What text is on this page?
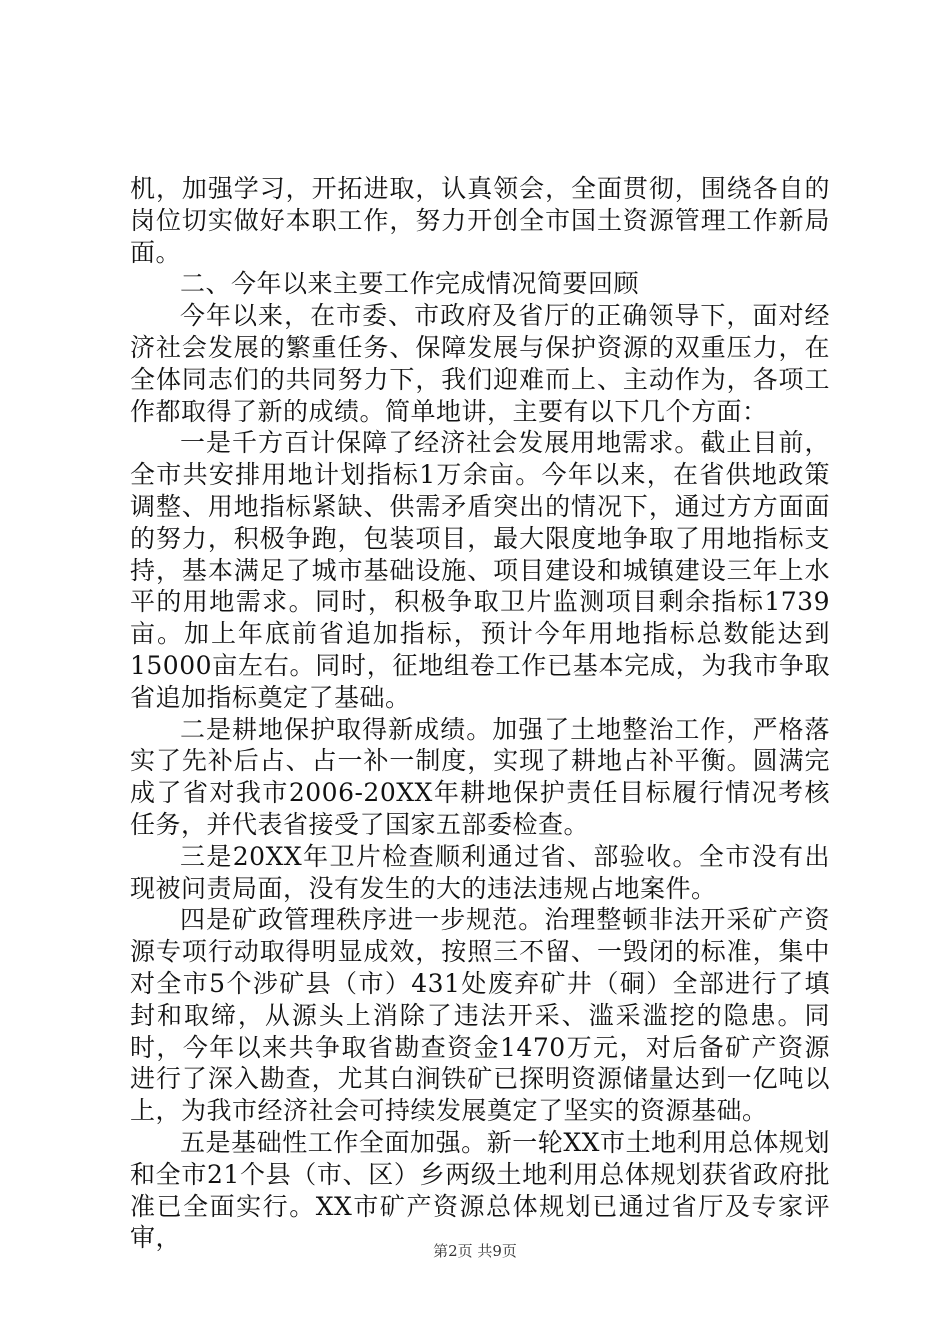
机，加强学习，开拓进取，认真领会，全面贯彻，围绕各自的岗位切实做好本职工作，努力开创全市国土资源管理工作新局面。

二、今年以来主要工作完成情况简要回顾

今年以来，在市委、市政府及省厅的正确领导下，面对经济社会发展的繁重任务、保障发展与保护资源的双重压力，在全体同志们的共同努力下，我们迎难而上、主动作为，各项工作都取得了新的成绩。简单地讲，主要有以下几个方面：

一是千方百计保障了经济社会发展用地需求。截止目前，全市共安排用地计划指标1万余亩。今年以来，在省供地政策调整、用地指标紧缺、供需矛盾突出的情况下，通过方方面面的努力，积极争跑，包装项目，最大限度地争取了用地指标支持，基本满足了城市基础设施、项目建设和城镇建设三年上水平的用地需求。同时，积极争取卫片监测项目剩余指标1739亩。加上年底前省追加指标，预计今年用地指标总数能达到15000亩左右。同时，征地组卷工作已基本完成，为我市争取省追加指标奠定了基础。

二是耕地保护取得新成绩。加强了土地整治工作，严格落实了先补后占、占一补一制度，实现了耕地占补平衡。圆满完成了省对我市2006-20XX年耕地保护责任目标履行情况考核任务，并代表省接受了国家五部委检查。

三是20XX年卫片检查顺利通过省、部验收。全市没有出现被问责局面，没有发生的大的违法违规占地案件。

四是矿政管理秩序进一步规范。治理整顿非法开采矿产资源专项行动取得明显成效，按照三不留、一毁闭的标准，集中对全市5个涉矿县（市）431处废弃矿井（硐）全部进行了填封和取缔，从源头上消除了违法开采、滥采滥挖的隐患。同时，今年以来共争取省勘查资金1470万元，对后备矿产资源进行了深入勘查，尤其白涧铁矿已探明资源储量达到一亿吨以上，为我市经济社会可持续发展奠定了坚实的资源基础。

五是基础性工作全面加强。新一轮XX市土地利用总体规划和全市21个县（市、区）乡两级土地利用总体规划获省政府批准已全面实行。XX市矿产资源总体规划已通过省厅及专家评审，	第2页 共9页
